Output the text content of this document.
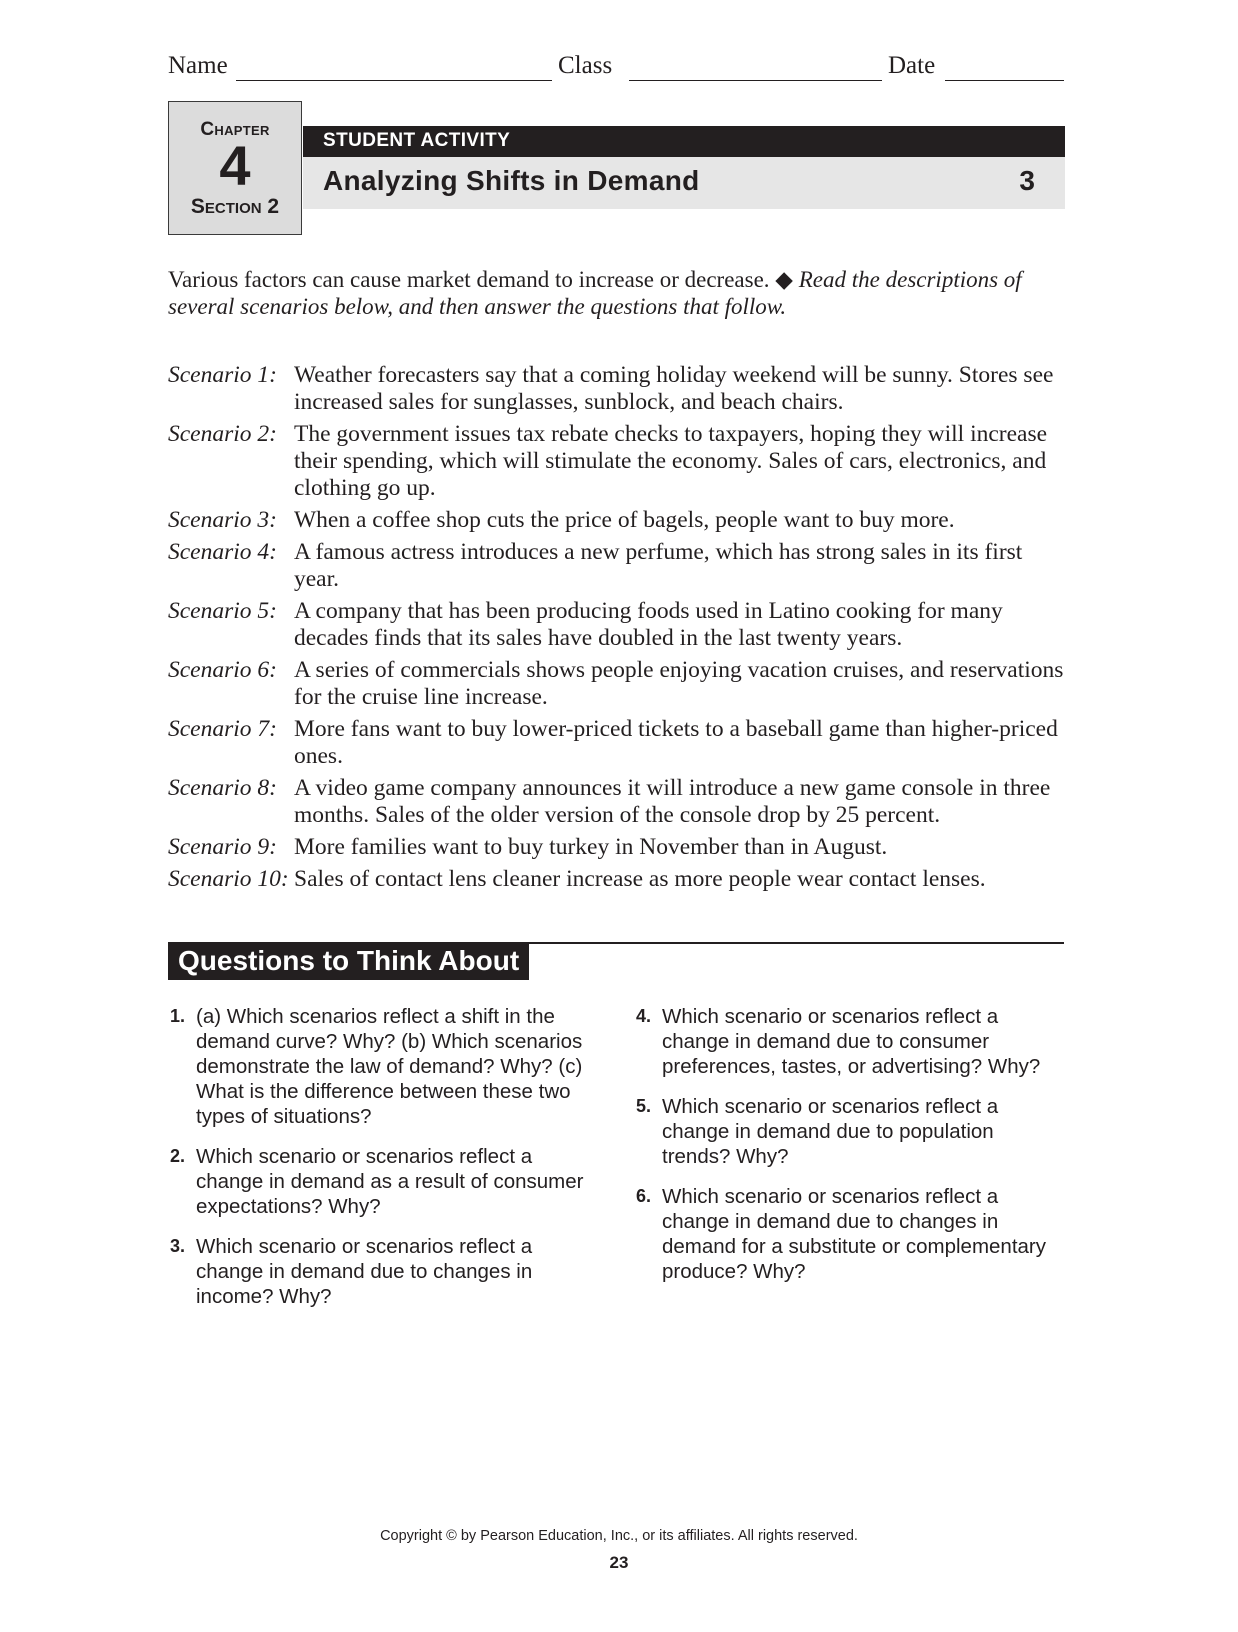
Name	Class	Date
Chapter
4
Section 2
STUDENT ACTIVITY
Analyzing Shifts in Demand	3
Various factors can cause market demand to increase or decrease. ◆ Read the descriptions of several scenarios below, and then answer the questions that follow.
Scenario 1: Weather forecasters say that a coming holiday weekend will be sunny. Stores see increased sales for sunglasses, sunblock, and beach chairs.
Scenario 2: The government issues tax rebate checks to taxpayers, hoping they will increase their spending, which will stimulate the economy. Sales of cars, electronics, and clothing go up.
Scenario 3: When a coffee shop cuts the price of bagels, people want to buy more.
Scenario 4: A famous actress introduces a new perfume, which has strong sales in its first year.
Scenario 5: A company that has been producing foods used in Latino cooking for many decades finds that its sales have doubled in the last twenty years.
Scenario 6: A series of commercials shows people enjoying vacation cruises, and reservations for the cruise line increase.
Scenario 7: More fans want to buy lower-priced tickets to a baseball game than higher-priced ones.
Scenario 8: A video game company announces it will introduce a new game console in three months. Sales of the older version of the console drop by 25 percent.
Scenario 9: More families want to buy turkey in November than in August.
Scenario 10: Sales of contact lens cleaner increase as more people wear contact lenses.
Questions to Think About
1. (a) Which scenarios reflect a shift in the demand curve? Why? (b) Which scenarios demonstrate the law of demand? Why? (c) What is the difference between these two types of situations?
2. Which scenario or scenarios reflect a change in demand as a result of consumer expectations? Why?
3. Which scenario or scenarios reflect a change in demand due to changes in income? Why?
4. Which scenario or scenarios reflect a change in demand due to consumer preferences, tastes, or advertising? Why?
5. Which scenario or scenarios reflect a change in demand due to population trends? Why?
6. Which scenario or scenarios reflect a change in demand due to changes in demand for a substitute or complementary produce? Why?
Copyright © by Pearson Education, Inc., or its affiliates. All rights reserved.
23
